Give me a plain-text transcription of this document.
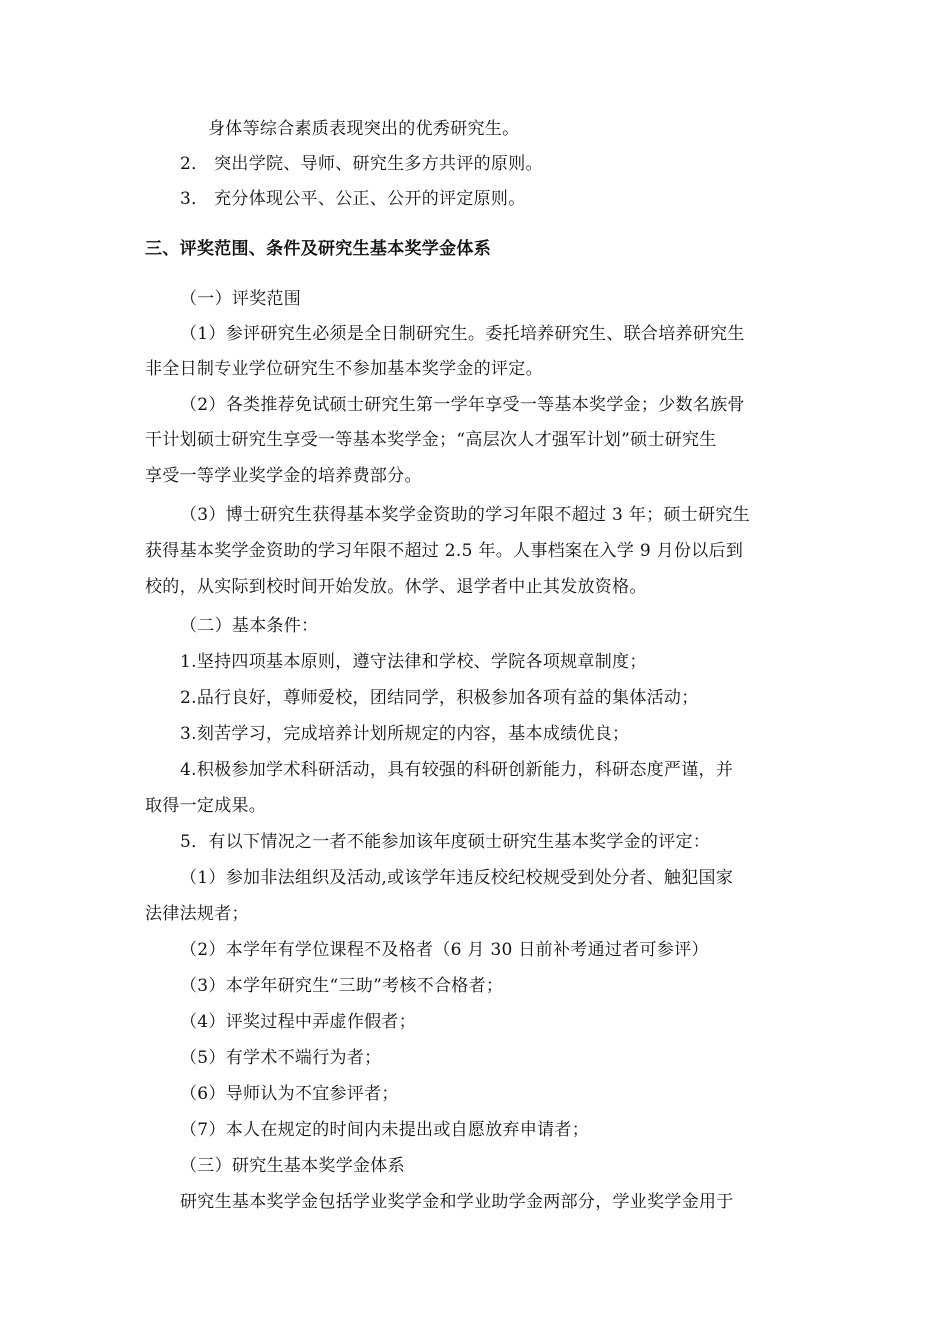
身体等综合素质表现突出的优秀研究生。
2． 突出学院、导师、研究生多方共评的原则。
3． 充分体现公平、公正、公开的评定原则。
三、评奖范围、条件及研究生基本奖学金体系
（一）评奖范围
（1）参评研究生必须是全日制研究生。委托培养研究生、联合培养研究生
非全日制专业学位研究生不参加基本奖学金的评定。
（2）各类推荐免试硕士研究生第一学年享受一等基本奖学金；少数名族骨
干计划硕士研究生享受一等基本奖学金；“高层次人才强军计划”硕士研究生
享受一等学业奖学金的培养费部分。
（3）博士研究生获得基本奖学金资助的学习年限不超过 3 年；硕士研究生
获得基本奖学金资助的学习年限不超过 2.5 年。人事档案在入学 9 月份以后到
校的，从实际到校时间开始发放。休学、退学者中止其发放资格。
（二）基本条件：
1.坚持四项基本原则，遵守法律和学校、学院各项规章制度；
2.品行良好，尊师爱校，团结同学，积极参加各项有益的集体活动；
3.刻苦学习，完成培养计划所规定的内容，基本成绩优良；
4.积极参加学术科研活动，具有较强的科研创新能力，科研态度严谨，并
取得一定成果。
5．有以下情况之一者不能参加该年度硕士研究生基本奖学金的评定：
（1）参加非法组织及活动,或该学年违反校纪校规受到处分者、触犯国家
法律法规者；
（2）本学年有学位课程不及格者（6 月 30 日前补考通过者可参评）
（3）本学年研究生“三助”考核不合格者；
（4）评奖过程中弄虚作假者；
（5）有学术不端行为者；
（6）导师认为不宜参评者；
（7）本人在规定的时间内未提出或自愿放弃申请者；
（三）研究生基本奖学金体系
研究生基本奖学金包括学业奖学金和学业助学金两部分，学业奖学金用于
